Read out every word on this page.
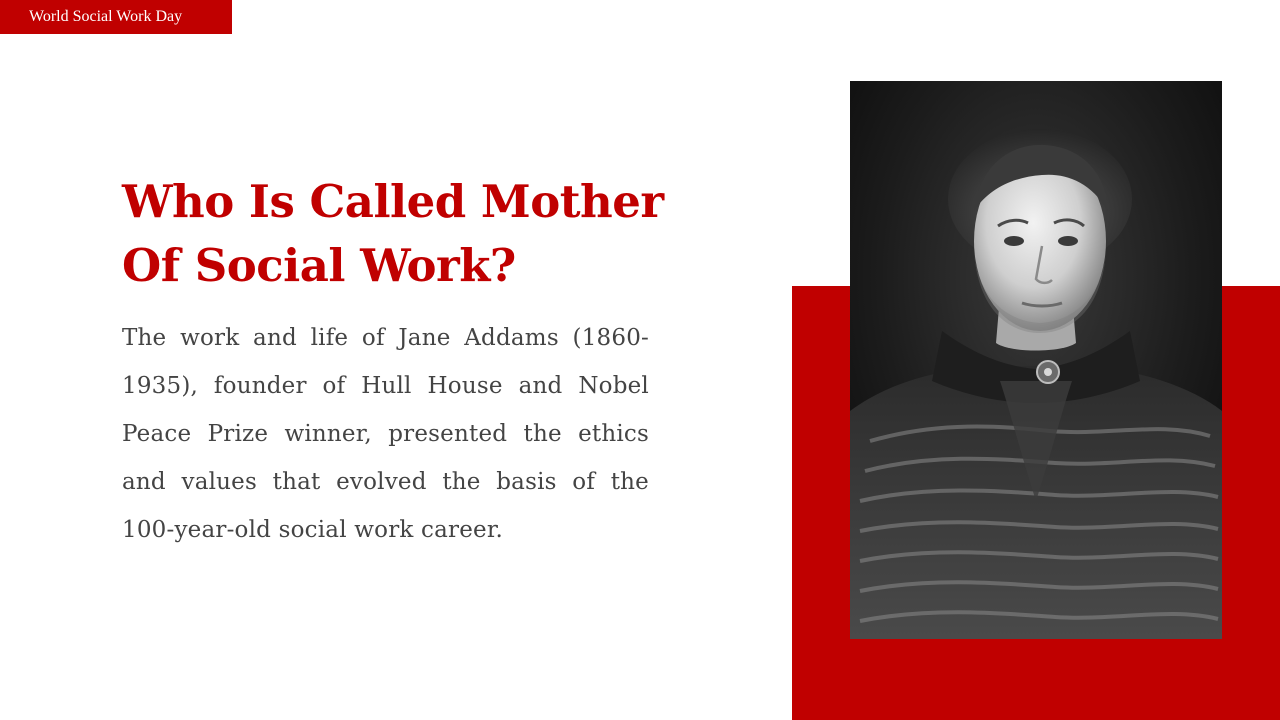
World Social Work Day
Who Is Called Mother
Of Social Work?

The work and life of Jane Addams (1860-1935), founder of Hull House and Nobel Peace Prize winner, presented the ethics and values that evolved the basis of the 100-year-old social work career.
